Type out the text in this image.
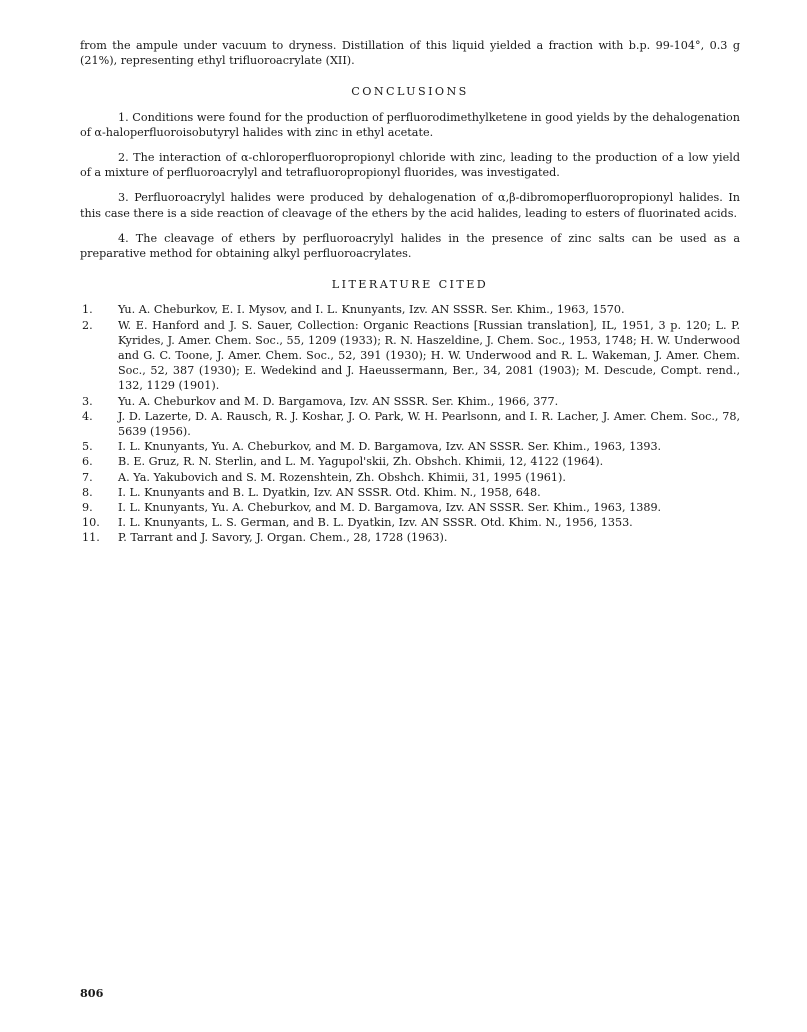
from the ampule under vacuum to dryness. Distillation of this liquid yielded a fraction with b.p. 99-104°, 0.3 g (21%), representing ethyl trifluoroacrylate (XII).

CONCLUSIONS

1. Conditions were found for the production of perfluorodimethylketene in good yields by the dehalogenation of α-haloperfluoroisobutyryl halides with zinc in ethyl acetate.

2. The interaction of α-chloroperfluoropropionyl chloride with zinc, leading to the production of a low yield of a mixture of perfluoroacrylyl and tetrafluoropropionyl fluorides, was investigated.

3. Perfluoroacrylyl halides were produced by dehalogenation of α,β-dibromoperfluoropropionyl halides. In this case there is a side reaction of cleavage of the ethers by the acid halides, leading to esters of fluorinated acids.

4. The cleavage of ethers by perfluoroacrylyl halides in the presence of zinc salts can be used as a preparative method for obtaining alkyl perfluoroacrylates.

LITERATURE CITED
1.	Yu. A. Cheburkov, E. I. Mysov, and I. L. Knunyants, Izv. AN SSSR. Ser. Khim., 1963, 1570.
2.	W. E. Hanford and J. S. Sauer, Collection: Organic Reactions [Russian translation], IL, 1951, 3 p. 120; L. P. Kyrides, J. Amer. Chem. Soc., 55, 1209 (1933); R. N. Haszeldine, J. Chem. Soc., 1953, 1748; H. W. Underwood and G. C. Toone, J. Amer. Chem. Soc., 52, 391 (1930); H. W. Underwood and R. L. Wakeman, J. Amer. Chem. Soc., 52, 387 (1930); E. Wedekind and J. Haeussermann, Ber., 34, 2081 (1903); M. Descude, Compt. rend., 132, 1129 (1901).
3.	Yu. A. Cheburkov and M. D. Bargamova, Izv. AN SSSR. Ser. Khim., 1966, 377.
4.	J. D. Lazerte, D. A. Rausch, R. J. Koshar, J. O. Park, W. H. Pearlsonn, and I. R. Lacher, J. Amer. Chem. Soc., 78, 5639 (1956).
5.	I. L. Knunyants, Yu. A. Cheburkov, and M. D. Bargamova, Izv. AN SSSR. Ser. Khim., 1963, 1393.
6.	B. E. Gruz, R. N. Sterlin, and L. M. Yagupol'skii, Zh. Obshch. Khimii, 12, 4122 (1964).
7.	A. Ya. Yakubovich and S. M. Rozenshtein, Zh. Obshch. Khimii, 31, 1995 (1961).
8.	I. L. Knunyants and B. L. Dyatkin, Izv. AN SSSR. Otd. Khim. N., 1958, 648.
9.	I. L. Knunyants, Yu. A. Cheburkov, and M. D. Bargamova, Izv. AN SSSR. Ser. Khim., 1963, 1389.
10.	I. L. Knunyants, L. S. German, and B. L. Dyatkin, Izv. AN SSSR. Otd. Khim. N., 1956, 1353.
11.	P. Tarrant and J. Savory, J. Organ. Chem., 28, 1728 (1963).
806
